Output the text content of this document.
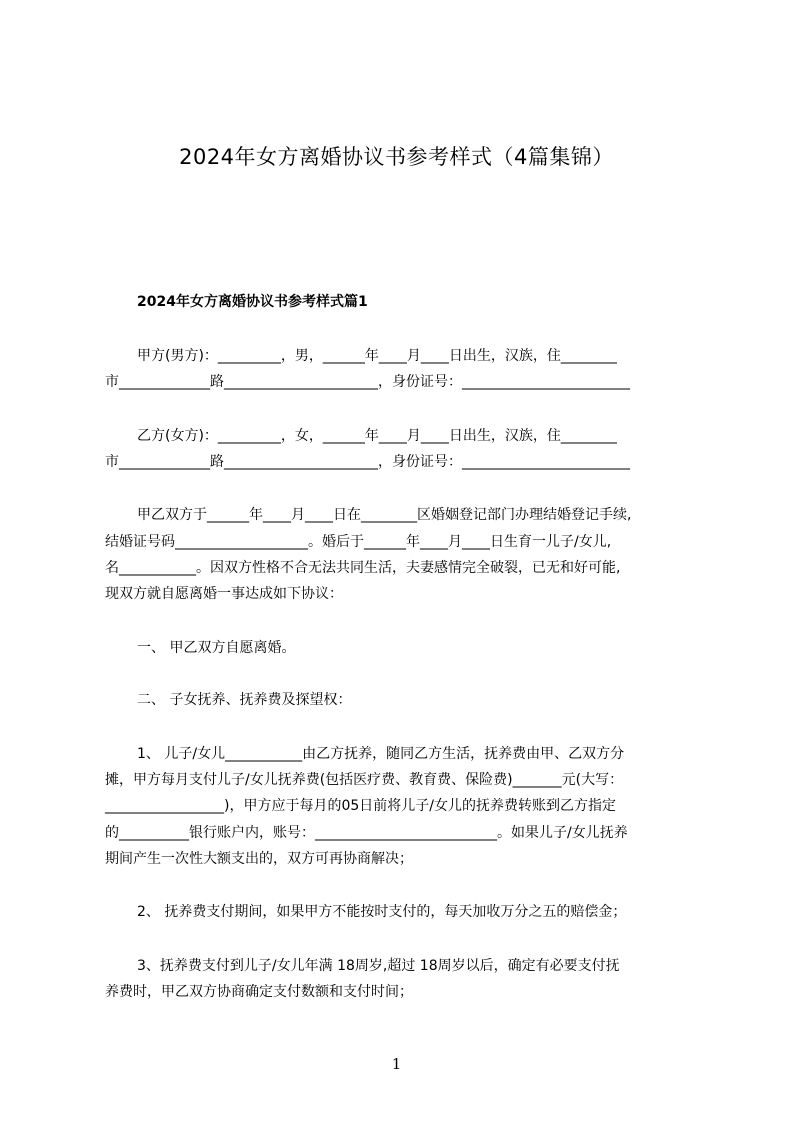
2024年女方离婚协议书参考样式（4篇集锦）
2024年女方离婚协议书参考样式篇1
甲方(男方)：_________，男，______年____月____日出生，汉族，住________
市_____________路______________________，身份证号：________________________
乙方(女方)：_________，女，______年____月____日出生，汉族，住________
市_____________路______________________，身份证号：________________________
甲乙双方于______年____月____日在________区婚姻登记部门办理结婚登记手续,
结婚证号码___________________。婚后于______年____月____日生育一儿子/女儿,
名___________。因双方性格不合无法共同生活，夫妻感情完全破裂，已无和好可能,
现双方就自愿离婚一事达成如下协议：
一、 甲乙双方自愿离婚。
二、 子女抚养、抚养费及探望权：
1、 儿子/女儿___________由乙方抚养，随同乙方生活，抚养费由甲、乙双方分
摊，甲方每月支付儿子/女儿抚养费(包括医疗费、教育费、保险费)_______元(大写：
_________________)，甲方应于每月的05日前将儿子/女儿的抚养费转账到乙方指定
的__________银行账户内，账号：__________________________。如果儿子/女儿抚养
期间产生一次性大额支出的，双方可再协商解决；
2、 抚养费支付期间，如果甲方不能按时支付的，每天加收万分之五的赔偿金；
3、抚养费支付到儿子/女儿年满 18周岁,超过 18周岁以后，确定有必要支付抚
养费时，甲乙双方协商确定支付数额和支付时间；
1
